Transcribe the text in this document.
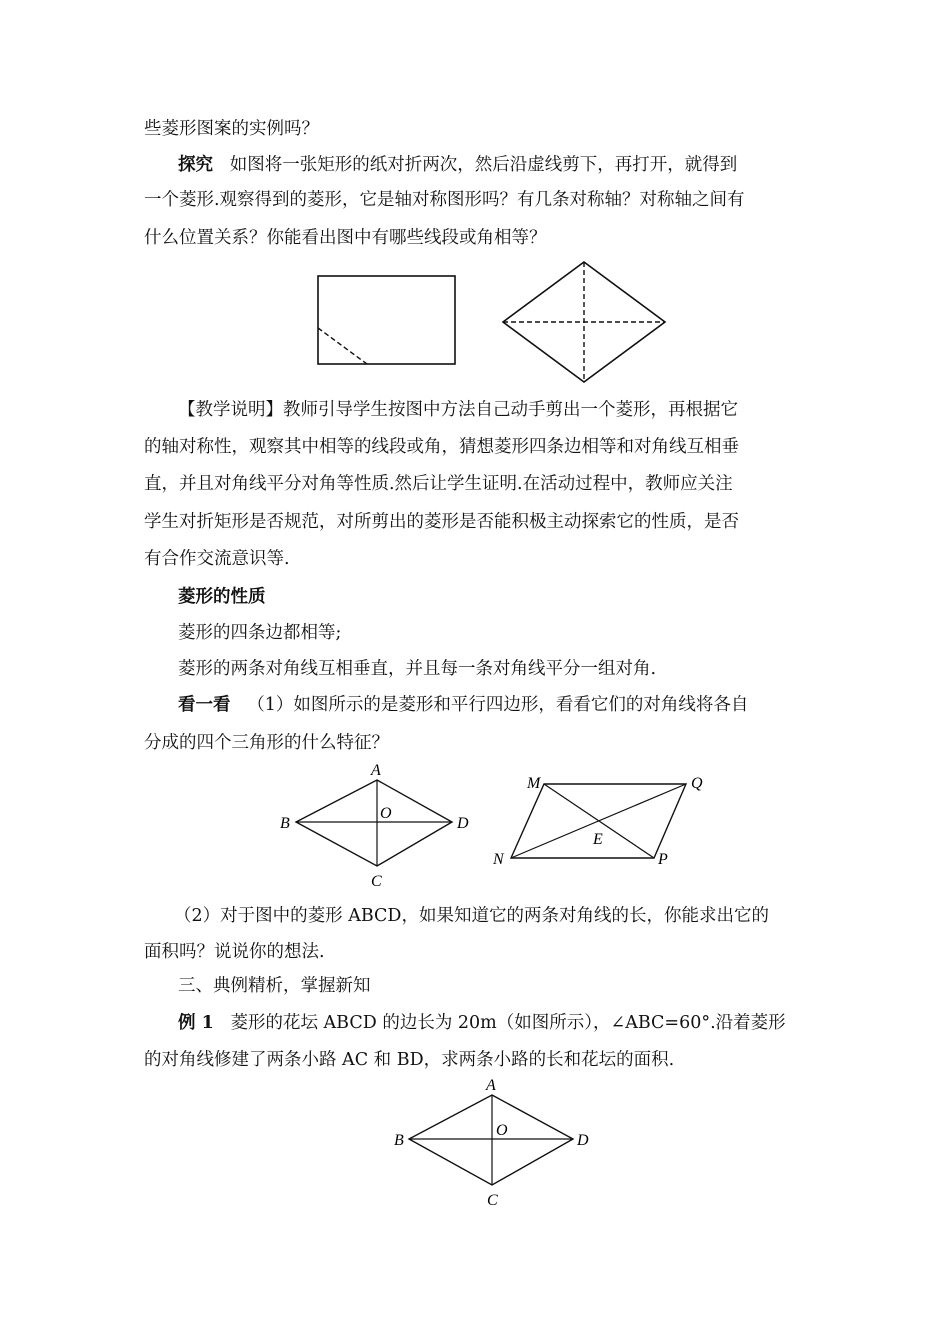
些菱形图案的实例吗？
探究 如图将一张矩形的纸对折两次，然后沿虚线剪下，再打开，就得到
一个菱形.观察得到的菱形，它是轴对称图形吗？有几条对称轴？对称轴之间有
什么位置关系？你能看出图中有哪些线段或角相等？
【教学说明】教师引导学生按图中方法自己动手剪出一个菱形，再根据它
的轴对称性，观察其中相等的线段或角，猜想菱形四条边相等和对角线互相垂
直，并且对角线平分对角等性质.然后让学生证明.在活动过程中，教师应关注
学生对折矩形是否规范，对所剪出的菱形是否能积极主动探索它的性质，是否
有合作交流意识等.
菱形的性质
菱形的四条边都相等;
菱形的两条对角线互相垂直，并且每一条对角线平分一组对角.
看一看 （1）如图所示的是菱形和平行四边形，看看它们的对角线将各自
分成的四个三角形的什么特征？
A
B	D
C
O
M	Q
N	P
E
（2）对于图中的菱形 ABCD，如果知道它的两条对角线的长，你能求出它的
面积吗？说说你的想法.
三、典例精析，掌握新知
例 1 菱形的花坛 ABCD 的边长为 20m（如图所示），∠ABC=60°.沿着菱形
的对角线修建了两条小路 AC 和 BD，求两条小路的长和花坛的面积.
A
B	D
C
O
